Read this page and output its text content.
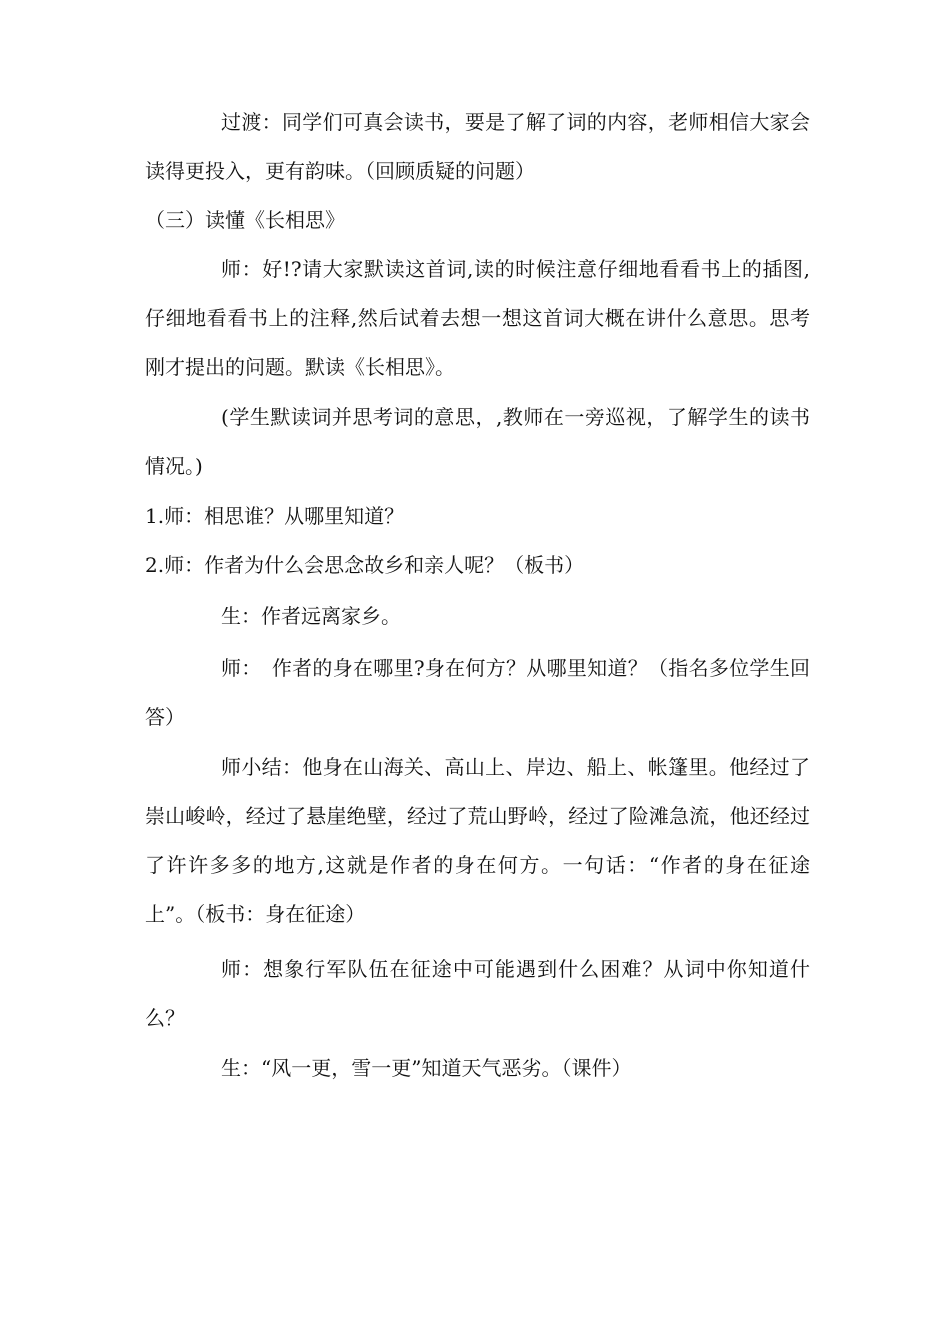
过渡：同学们可真会读书，要是了解了词的内容，老师相信大家会读得更投入，更有韵味。（回顾质疑的问题）

（三）读懂《长相思》

师：好!?请大家默读这首词,读的时候注意仔细地看看书上的插图,仔细地看看书上的注释,然后试着去想一想这首词大概在讲什么意思。思考刚才提出的问题。默读《长相思》。

(学生默读词并思考词的意思，,教师在一旁巡视，了解学生的读书情况。)

1.师：相思谁？从哪里知道？

2.师：作者为什么会思念故乡和亲人呢？（板书）

生：作者远离家乡。

师：　作者的身在哪里?身在何方？从哪里知道？（指名多位学生回答）

师小结：他身在山海关、高山上、岸边、船上、帐篷里。他经过了崇山峻岭，经过了悬崖绝壁，经过了荒山野岭，经过了险滩急流，他还经过了许许多多的地方,这就是作者的身在何方。一句话：“作者的身在征途上”。（板书：身在征途）

师：想象行军队伍在征途中可能遇到什么困难？从词中你知道什么？

生：“风一更，雪一更”知道天气恶劣。（课件）
